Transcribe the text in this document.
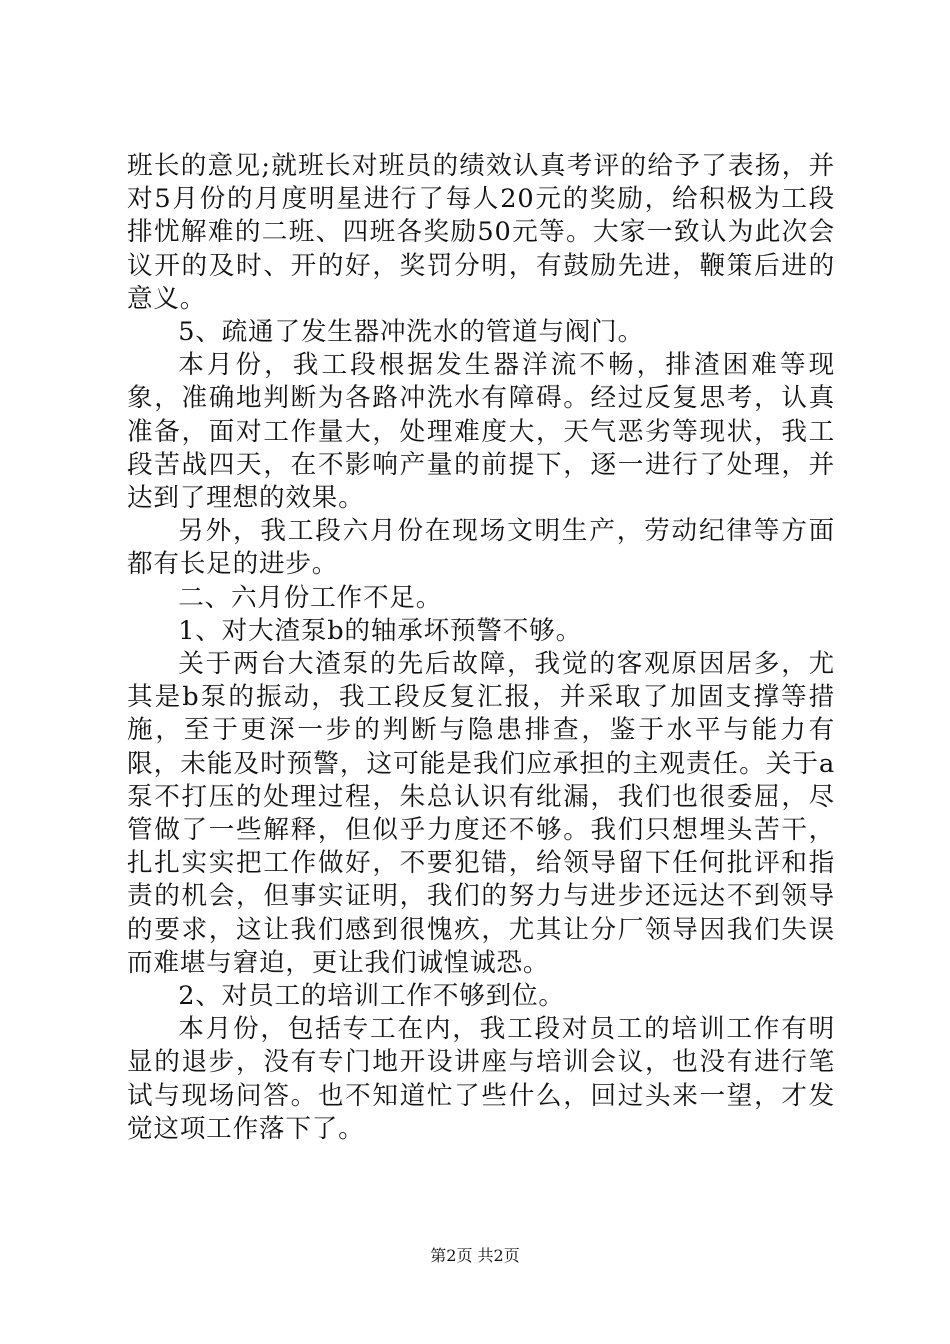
班长的意见;就班长对班员的绩效认真考评的给予了表扬，并对5月份的月度明星进行了每人20元的奖励，给积极为工段排忧解难的二班、四班各奖励50元等。大家一致认为此次会议开的及时、开的好，奖罚分明，有鼓励先进，鞭策后进的意义。

5、疏通了发生器冲洗水的管道与阀门。

本月份，我工段根据发生器洋流不畅，排渣困难等现象，准确地判断为各路冲洗水有障碍。经过反复思考，认真准备，面对工作量大，处理难度大，天气恶劣等现状，我工段苦战四天，在不影响产量的前提下，逐一进行了处理，并达到了理想的效果。

另外，我工段六月份在现场文明生产，劳动纪律等方面都有长足的进步。

二、六月份工作不足。

1、对大渣泵b的轴承坏预警不够。

关于两台大渣泵的先后故障，我觉的客观原因居多，尤其是b泵的振动，我工段反复汇报，并采取了加固支撑等措施，至于更深一步的判断与隐患排查，鉴于水平与能力有限，未能及时预警，这可能是我们应承担的主观责任。关于a泵不打压的处理过程，朱总认识有纰漏，我们也很委屈，尽管做了一些解释，但似乎力度还不够。我们只想埋头苦干，扎扎实实把工作做好，不要犯错，给领导留下任何批评和指责的机会，但事实证明，我们的努力与进步还远达不到领导的要求，这让我们感到很愧疚，尤其让分厂领导因我们失误而难堪与窘迫，更让我们诚惶诚恐。

2、对员工的培训工作不够到位。

本月份，包括专工在内，我工段对员工的培训工作有明显的退步，没有专门地开设讲座与培训会议，也没有进行笔试与现场问答。也不知道忙了些什么，回过头来一望，才发觉这项工作落下了。

第2页 共2页
